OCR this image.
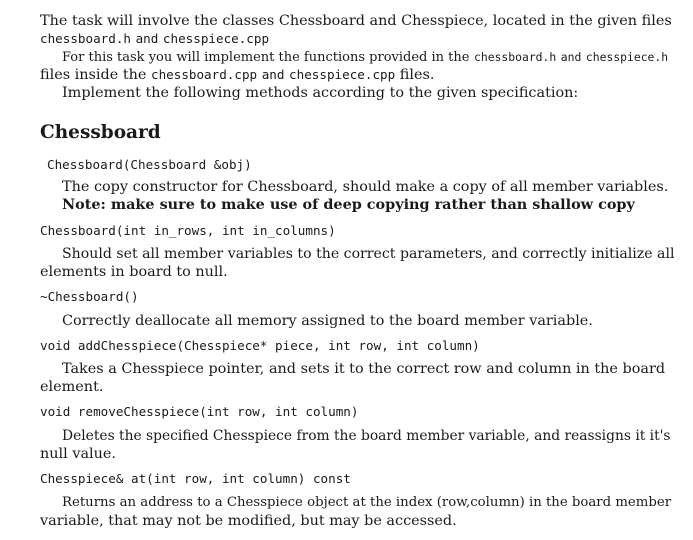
The task will involve the classes Chessboard and Chesspiece, located in the given files
chessboard.h and chesspiece.cpp
For this task you will implement the functions provided in the chessboard.h and chesspiece.h
files inside the chessboard.cpp and chesspiece.cpp files.
Implement the following methods according to the given specification:
Chessboard
Chessboard(Chessboard &obj)
The copy constructor for Chessboard, should make a copy of all member variables.
Note: make sure to make use of deep copying rather than shallow copy
Chessboard(int in_rows, int in_columns)
Should set all member variables to the correct parameters, and correctly initialize all
elements in board to null.
~Chessboard()
Correctly deallocate all memory assigned to the board member variable.
void addChesspiece(Chesspiece* piece, int row, int column)
Takes a Chesspiece pointer, and sets it to the correct row and column in the board
element.
void removeChesspiece(int row, int column)
Deletes the specified Chesspiece from the board member variable, and reassigns it it's
null value.
Chesspiece& at(int row, int column) const
Returns an address to a Chesspiece object at the index (row,column) in the board member
variable, that may not be modified, but may be accessed.
